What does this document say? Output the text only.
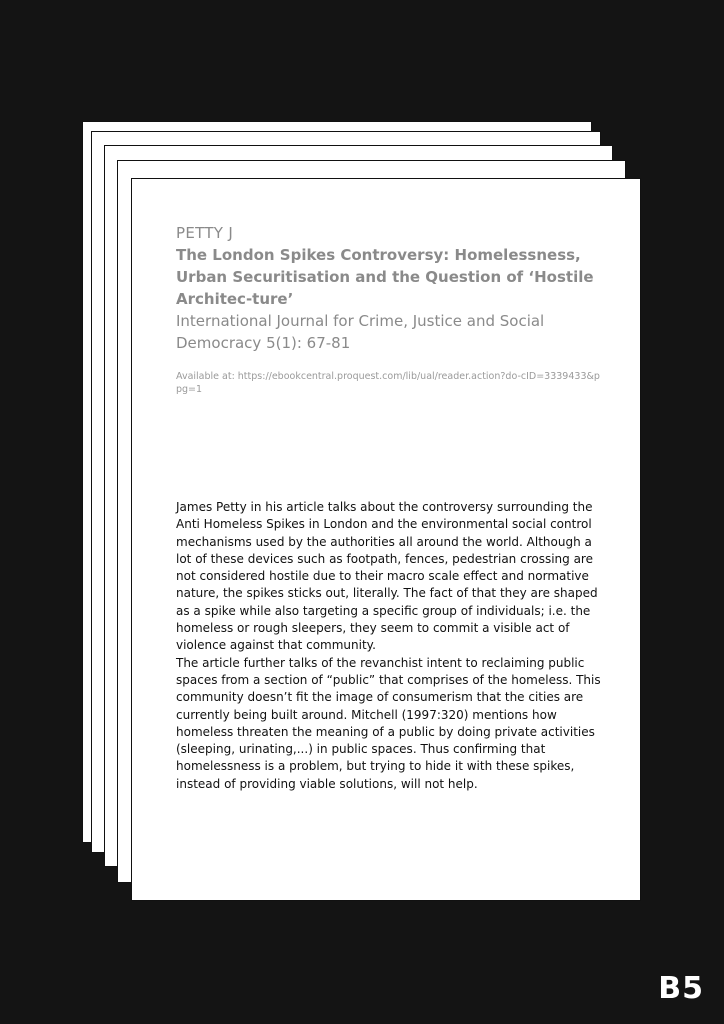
PETTY J
The London Spikes Controversy: Homelessness, Urban Securitisation and the Question of ‘Hostile Architec-ture’
International Journal for Crime, Justice and Social Democracy 5(1): 67-81
Available at: https://ebookcentral.proquest.com/lib/ual/reader.action?do-cID=3339433&ppg=1

James Petty in his article talks about the controversy surrounding the Anti Homeless Spikes in London and the environmental social control mechanisms used by the authorities all around the world. Although a lot of these devices such as footpath, fences, pedestrian crossing are not considered hostile due to their macro scale effect and normative nature, the spikes sticks out, literally. The fact of that they are shaped as a spike while also targeting a specific group of individuals; i.e. the homeless or rough sleepers, they seem to commit a visible act of violence against that community.

The article further talks of the revanchist intent to reclaiming public spaces from a section of “public” that comprises of the homeless. This community doesn’t fit the image of consumerism that the cities are currently being built around. Mitchell (1997:320) mentions how homeless threaten the meaning of a public by doing private activities (sleeping, urinating,...) in public spaces. Thus confirming that homelessness is a problem, but trying to hide it with these spikes, instead of providing viable solutions, will not help.

B5
